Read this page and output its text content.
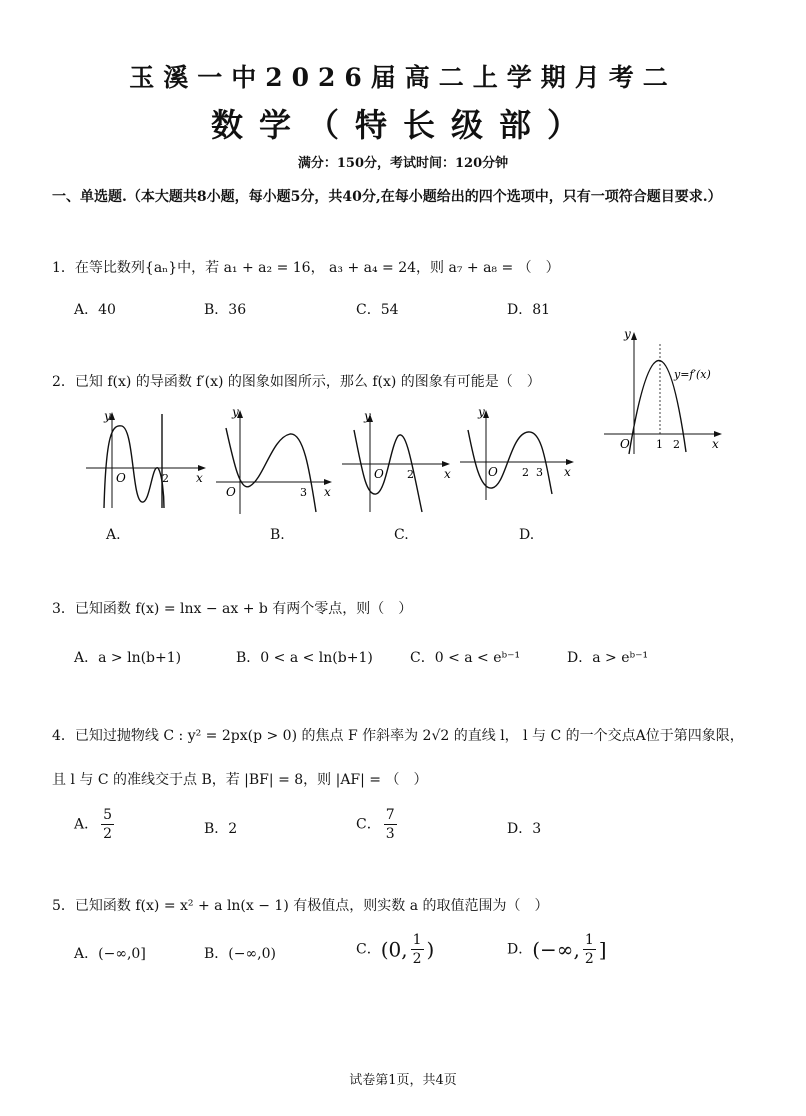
玉溪一中2026届高二上学期月考二
数学（特长级部）
满分：150分，考试时间：120分钟
一、单选题.（本大题共8小题，每小题5分，共40分,在每小题给出的四个选项中，只有一项符合题目要求.）
1．在等比数列{aₙ}中，若 a₁ + a₂ = 16， a₃ + a₄ = 24，则 a₇ + a₈ = （　）
A．40	B．36	C．54	D．81
2．已知 f(x) 的导函数 f′(x) 的图象如图所示，那么 f(x) 的图象有可能是（　）
y
x
O 1 2
y=f′(x)
y
x
O	2
y
x
O	3
y
x
O 2
y
x
O 2 3
A.	B.	C.	D.
3．已知函数 f(x) = lnx − ax + b 有两个零点，则（　）
A．a > ln(b+1)	B．0 < a < ln(b+1)	C．0 < a < eᵇ⁻¹	D．a > eᵇ⁻¹
4．已知过抛物线 C : y² = 2px(p > 0) 的焦点 F 作斜率为 2√2 的直线 l， l 与 C 的一个交点A位于第四象限，
且 l 与 C 的准线交于点 B，若 |BF| = 8，则 |AF| = （　）
A． $\frac{5}{2}$	B．2	C． $\frac{7}{3}$	D．3
5．已知函数 f(x) = x² + a ln(x − 1) 有极值点，则实数 a 的取值范围为（　）
A．(−∞,0]	B．(−∞,0)	C．(0, $\frac{1}{2}$ )	D．(−∞, $\frac{1}{2}$ ]
试卷第1页，共4页
